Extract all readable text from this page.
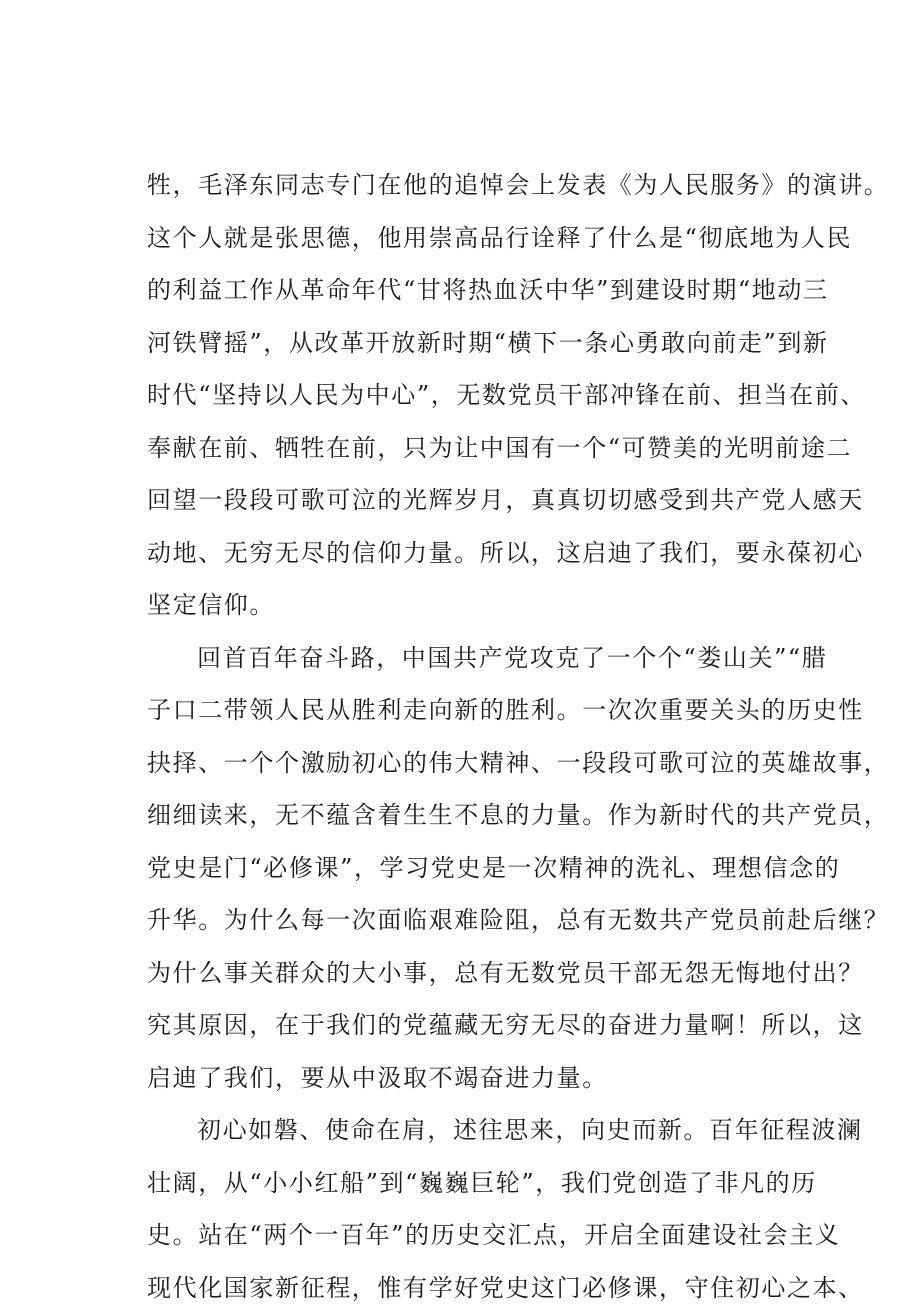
牲，毛泽东同志专门在他的追悼会上发表《为人民服务》的演讲。
这个人就是张思德，他用崇高品行诠释了什么是“彻底地为人民
的利益工作从革命年代“甘将热血沃中华”到建设时期“地动三
河铁臂摇”，从改革开放新时期“横下一条心勇敢向前走”到新
时代“坚持以人民为中心”，无数党员干部冲锋在前、担当在前、
奉献在前、牺牲在前，只为让中国有一个“可赞美的光明前途二
回望一段段可歌可泣的光辉岁月，真真切切感受到共产党人感天
动地、无穷无尽的信仰力量。所以，这启迪了我们，要永葆初心
坚定信仰。
回首百年奋斗路，中国共产党攻克了一个个“娄山关”“腊
子口二带领人民从胜利走向新的胜利。一次次重要关头的历史性
抉择、一个个激励初心的伟大精神、一段段可歌可泣的英雄故事，
细细读来，无不蕴含着生生不息的力量。作为新时代的共产党员，
党史是门“必修课”，学习党史是一次精神的洗礼、理想信念的
升华。为什么每一次面临艰难险阻，总有无数共产党员前赴后继？
为什么事关群众的大小事，总有无数党员干部无怨无悔地付出？
究其原因，在于我们的党蕴藏无穷无尽的奋进力量啊！所以，这
启迪了我们，要从中汲取不竭奋进力量。
初心如磐、使命在肩，述往思来，向史而新。百年征程波澜
壮阔，从“小小红船”到“巍巍巨轮”，我们党创造了非凡的历
史。站在“两个一百年”的历史交汇点，开启全面建设社会主义
现代化国家新征程，惟有学好党史这门必修课，守住初心之本、
